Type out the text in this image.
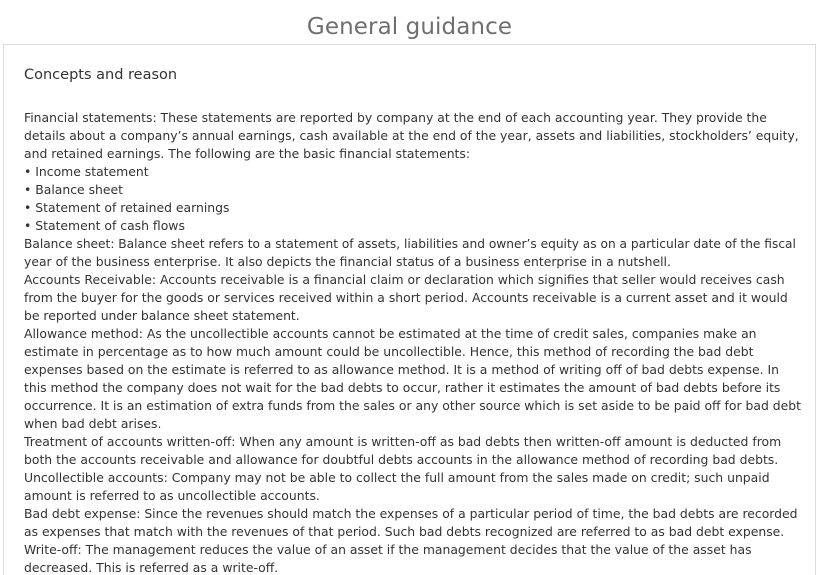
General guidance
Concepts and reason
Financial statements: These statements are reported by company at the end of each accounting year. They provide the
details about a company’s annual earnings, cash available at the end of the year, assets and liabilities, stockholders’ equity,
and retained earnings. The following are the basic financial statements:
• Income statement
• Balance sheet
• Statement of retained earnings
• Statement of cash flows
Balance sheet: Balance sheet refers to a statement of assets, liabilities and owner’s equity as on a particular date of the fiscal
year of the business enterprise. It also depicts the financial status of a business enterprise in a nutshell.
Accounts Receivable: Accounts receivable is a financial claim or declaration which signifies that seller would receives cash
from the buyer for the goods or services received within a short period. Accounts receivable is a current asset and it would
be reported under balance sheet statement.
Allowance method: As the uncollectible accounts cannot be estimated at the time of credit sales, companies make an
estimate in percentage as to how much amount could be uncollectible. Hence, this method of recording the bad debt
expenses based on the estimate is referred to as allowance method. It is a method of writing off of bad debts expense. In
this method the company does not wait for the bad debts to occur, rather it estimates the amount of bad debts before its
occurrence. It is an estimation of extra funds from the sales or any other source which is set aside to be paid off for bad debt
when bad debt arises.
Treatment of accounts written-off: When any amount is written-off as bad debts then written-off amount is deducted from
both the accounts receivable and allowance for doubtful debts accounts in the allowance method of recording bad debts.
Uncollectible accounts: Company may not be able to collect the full amount from the sales made on credit; such unpaid
amount is referred to as uncollectible accounts.
Bad debt expense: Since the revenues should match the expenses of a particular period of time, the bad debts are recorded
as expenses that match with the revenues of that period. Such bad debts recognized are referred to as bad debt expense.
Write-off: The management reduces the value of an asset if the management decides that the value of the asset has
decreased. This is referred as a write-off.
